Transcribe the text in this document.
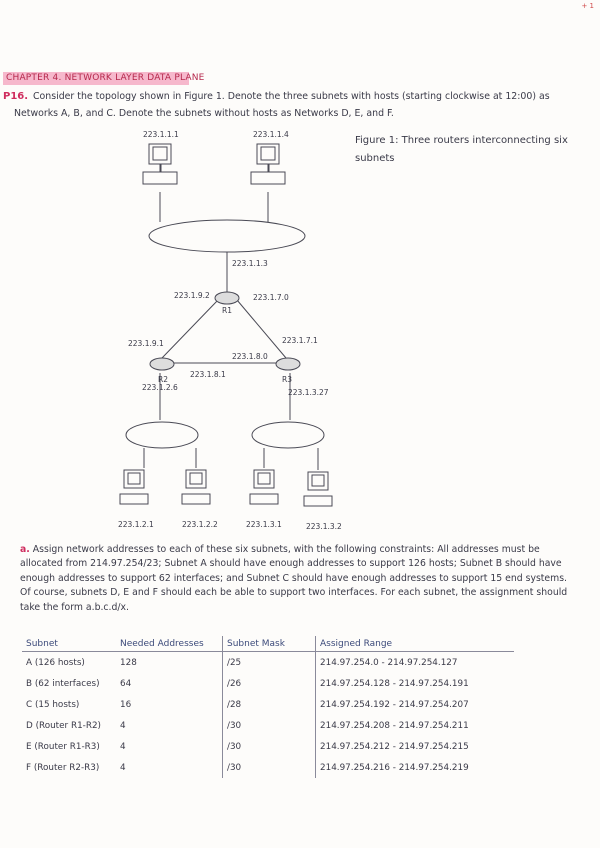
+ 1
CHAPTER 4. NETWORK LAYER DATA PLANE
P16. Consider the topology shown in Figure 1. Denote the three subnets with hosts (starting clockwise at 12:00) as
Networks A, B, and C. Denote the subnets without hosts as Networks D, E, and F.
Figure 1: Three routers interconnecting six subnets
R1
R2	R3
223.1.1.1	223.1.1.4
223.1.1.3
223.1.9.2	223.1.7.0
223.1.9.1	223.1.7.1
223.1.8.0
223.1.8.1
223.1.2.6
223.1.3.27
223.1.2.1	223.1.2.2	223.1.3.1	223.1.3.2
a. Assign network addresses to each of these six subnets, with the following constraints: All addresses must be allocated from 214.97.254/23; Subnet A should have enough addresses to support 126 hosts; Subnet B should have enough addresses to support 62 interfaces; and Subnet C should have enough addresses to support 15 end systems. Of course, subnets D, E and F should each be able to support two interfaces. For each subnet, the assignment should take the form a.b.c.d/x.
Subnet	Needed Addresses	Subnet Mask	Assigned Range
A (126 hosts)	128	/25	214.97.254.0 - 214.97.254.127
B (62 interfaces)	64	/26	214.97.254.128 - 214.97.254.191
C (15 hosts)	16	/28	214.97.254.192 - 214.97.254.207
D (Router R1-R2)	4	/30	214.97.254.208 - 214.97.254.211
E (Router R1-R3)	4	/30	214.97.254.212 - 214.97.254.215
F (Router R2-R3)	4	/30	214.97.254.216 - 214.97.254.219
